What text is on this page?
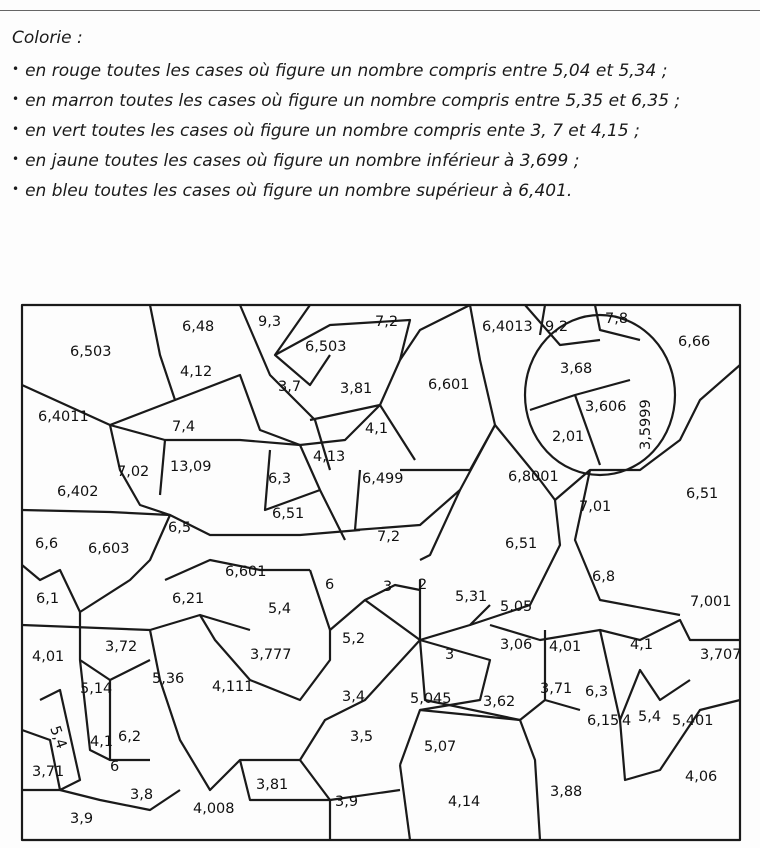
Colorie :

• en rouge toutes les cases où figure un nombre compris entre 5,04 et 5,34 ;
• en marron toutes les cases où figure un nombre compris entre 5,35 et 6,35 ;
• en vert toutes les cases où figure un nombre compris ente 3, 7 et 4,15 ;
• en jaune toutes les cases où figure un nombre inférieur à 3,699 ;
• en bleu toutes les cases où figure un nombre supérieur à 6,401.
6,48	9,3	7,2	6,4013 9,2	7,8
6,503	6,503	6,66
4,12	3,68
3,7	3,81	6,601
6,4011
3,606 3,5999
4,1
7,4
2,01
7,02 13,09
4,13
6,3	6,499	6,8001
6,402
7,01
6,51
6,51
6,5
7,2
6,6 6,603	6,51
6,601	6,8
6	3 2
6,21	5,31
6,1
5,4	5,05	7,001
5,2
4,01
3,72	3,777	3
3,06 4,01	4,1
3,707
5,14
5,36 4,111	3,71 6,3
3,4	5,045 3,62
5,4
6,15 4 5,4 5,401
4,1 6,2	3,5
5,07
3,71	6
4,06
3,81
3,8
4,008	3,9	4,14
3,88
3,9
